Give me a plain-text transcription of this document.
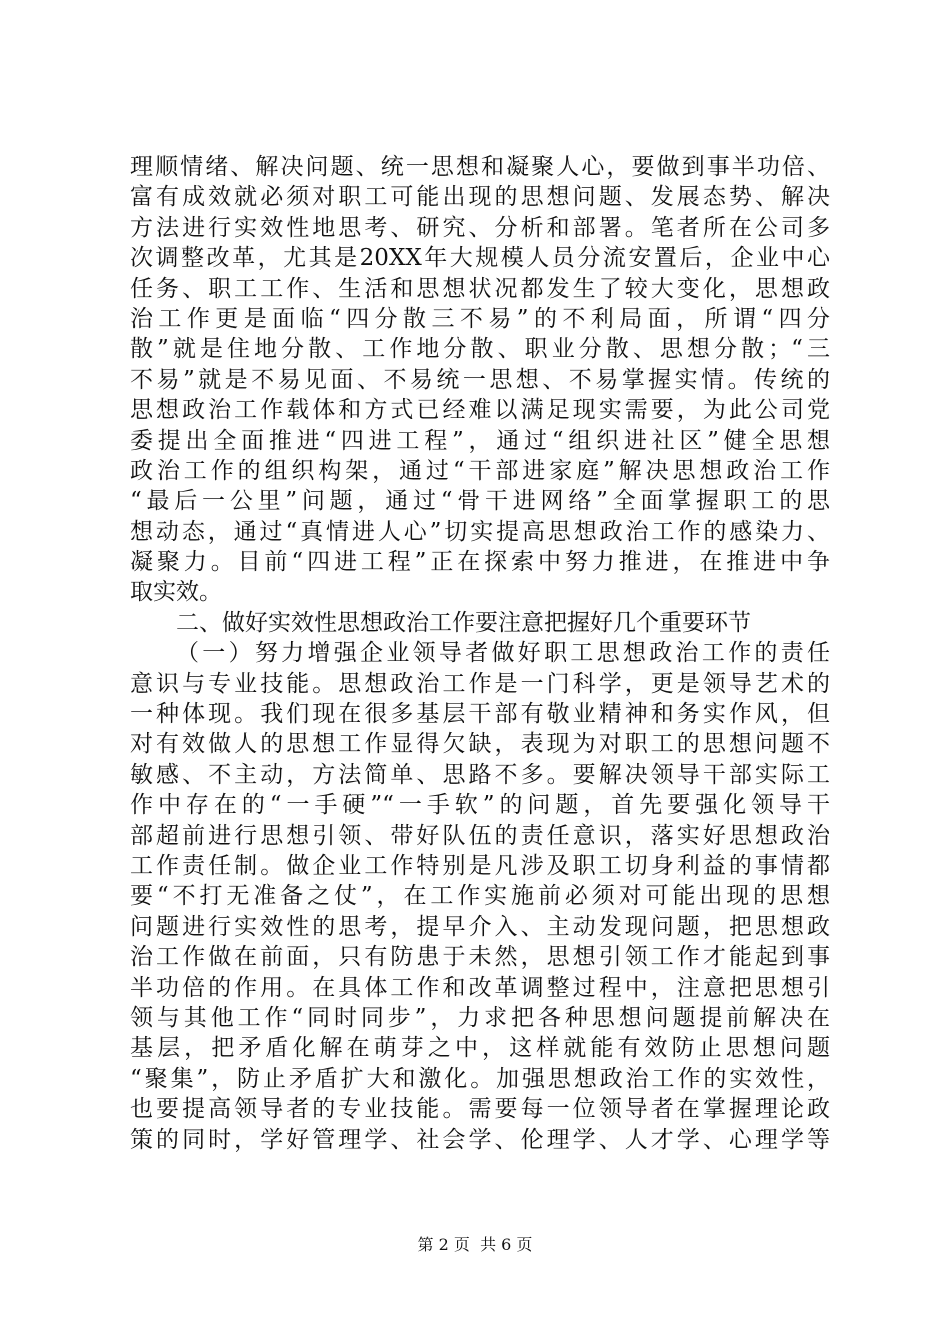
理顺情绪、解决问题、统一思想和凝聚人心，要做到事半功倍、
富有成效就必须对职工可能出现的思想问题、发展态势、解决
方法进行实效性地思考、研究、分析和部署。笔者所在公司多
次调整改革，尤其是20XX年大规模人员分流安置后，企业中心
任务、职工工作、生活和思想状况都发生了较大变化，思想政
治工作更是面临“四分散三不易”的不利局面，所谓“四分
散”就是住地分散、工作地分散、职业分散、思想分散；“三
不易”就是不易见面、不易统一思想、不易掌握实情。传统的
思想政治工作载体和方式已经难以满足现实需要，为此公司党
委提出全面推进“四进工程”，通过“组织进社区”健全思想
政治工作的组织构架，通过“干部进家庭”解决思想政治工作
“最后一公里”问题，通过“骨干进网络”全面掌握职工的思
想动态，通过“真情进人心”切实提高思想政治工作的感染力、
凝聚力。目前“四进工程”正在探索中努力推进，在推进中争
取实效。
二、做好实效性思想政治工作要注意把握好几个重要环节
（一）努力增强企业领导者做好职工思想政治工作的责任
意识与专业技能。思想政治工作是一门科学，更是领导艺术的
一种体现。我们现在很多基层干部有敬业精神和务实作风，但
对有效做人的思想工作显得欠缺，表现为对职工的思想问题不
敏感、不主动，方法简单、思路不多。要解决领导干部实际工
作中存在的“一手硬”“一手软”的问题，首先要强化领导干
部超前进行思想引领、带好队伍的责任意识，落实好思想政治
工作责任制。做企业工作特别是凡涉及职工切身利益的事情都
要“不打无准备之仗”，在工作实施前必须对可能出现的思想
问题进行实效性的思考，提早介入、主动发现问题，把思想政
治工作做在前面，只有防患于未然，思想引领工作才能起到事
半功倍的作用。在具体工作和改革调整过程中，注意把思想引
领与其他工作“同时同步”，力求把各种思想问题提前解决在
基层，把矛盾化解在萌芽之中，这样就能有效防止思想问题
“聚集”，防止矛盾扩大和激化。加强思想政治工作的实效性，
也要提高领导者的专业技能。需要每一位领导者在掌握理论政
策的同时，学好管理学、社会学、伦理学、人才学、心理学等
第 2 页  共 6 页
